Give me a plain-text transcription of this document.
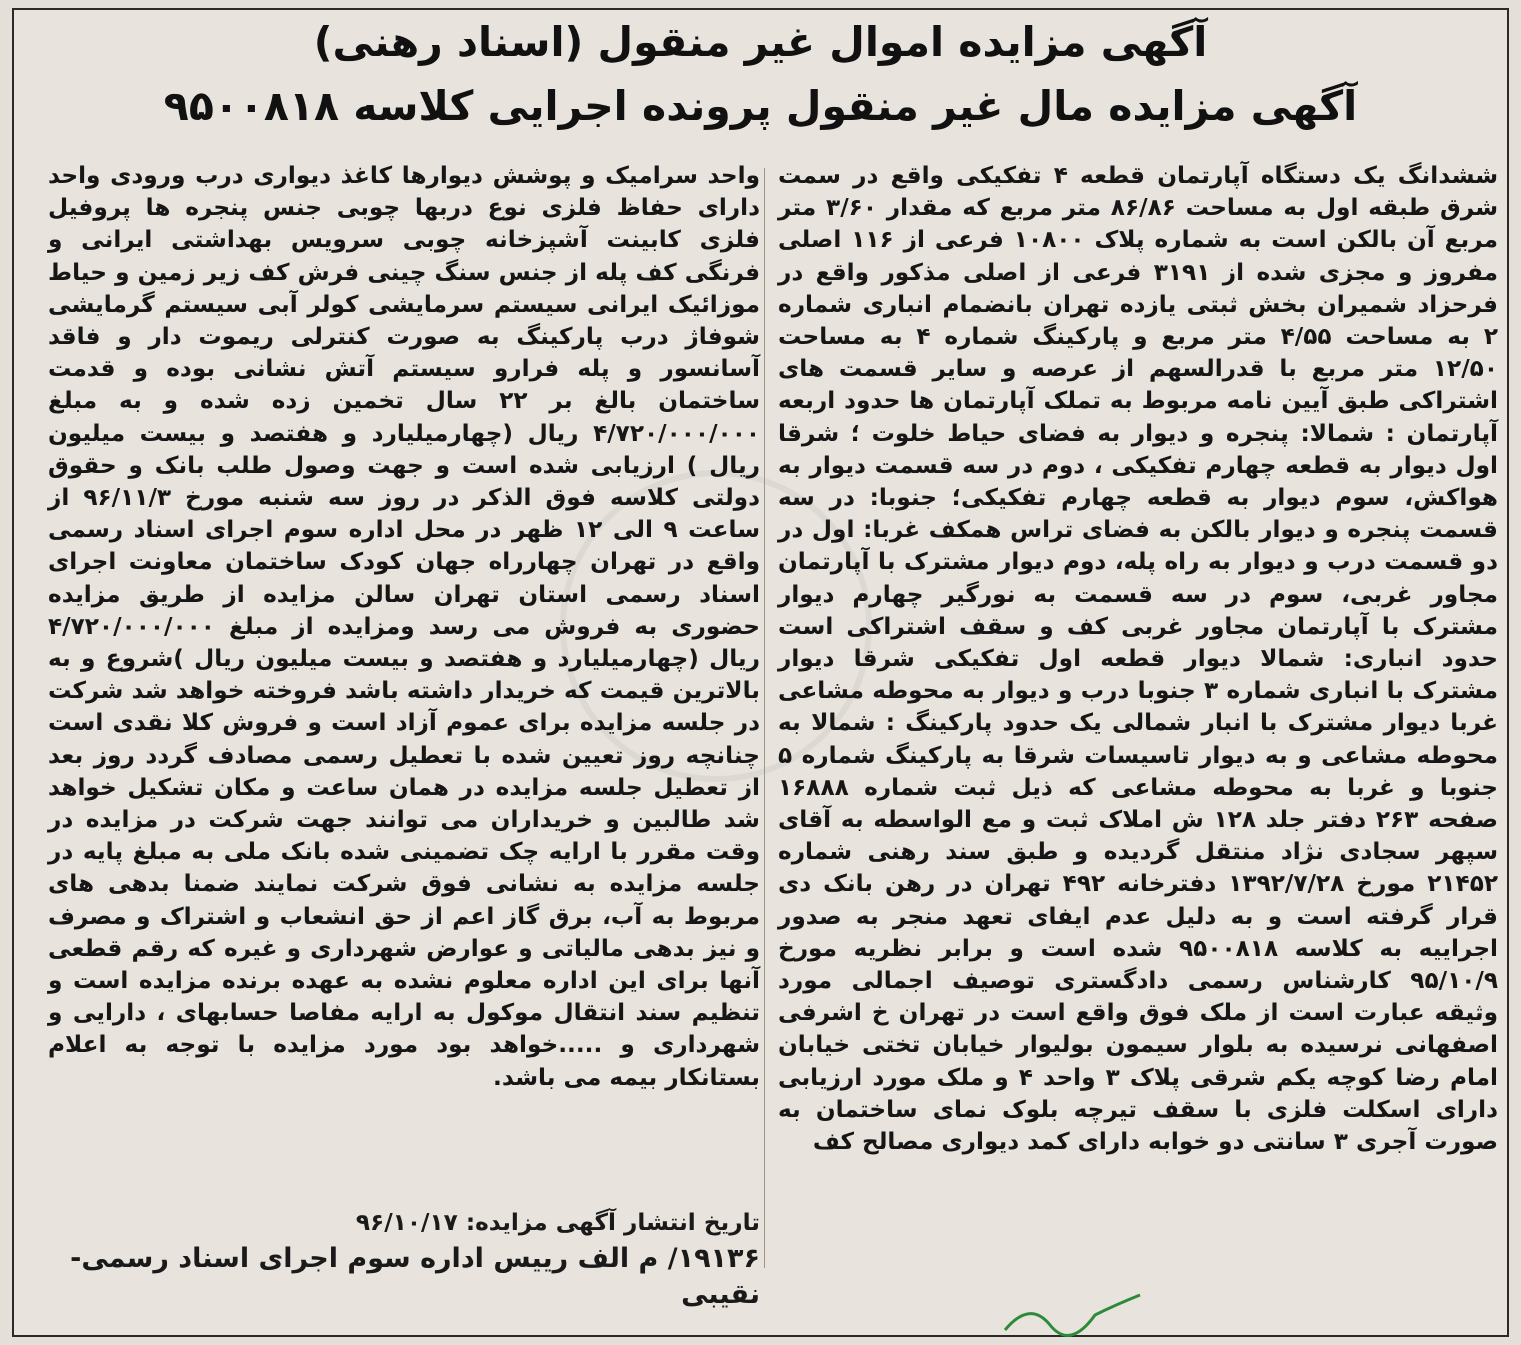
آگهی مزایده اموال غیر منقول (اسناد رهنی)
آگهی مزایده مال غیر منقول پرونده اجرایی کلاسه ۹۵۰۰۸۱۸
ششدانگ یک دستگاه آپارتمان قطعه ۴ تفکیکی واقع در سمت شرق طبقه اول به مساحت ۸۶/۸۶ متر مربع که مقدار ۳/۶۰ متر مربع آن بالکن است به شماره پلاک ۱۰۸۰۰ فرعی از ۱۱۶ اصلی مفروز و مجزی شده از ۳۱۹۱ فرعی از اصلی مذکور واقع در فرحزاد شمیران بخش ثبتی یازده تهران بانضمام انباری شماره ۲ به مساحت ۴/۵۵ متر مربع و پارکینگ شماره ۴ به مساحت ۱۲/۵۰ متر مربع با قدرالسهم از عرصه و سایر قسمت های اشتراکی طبق آیین نامه مربوط به تملک آپارتمان ها حدود اربعه آپارتمان : شمالا: پنجره و دیوار به فضای حیاط خلوت ؛ شرقا اول دیوار به قطعه چهارم تفکیکی ، دوم در سه قسمت دیوار به هواکش، سوم دیوار به قطعه چهارم تفکیکی؛ جنوبا: در سه قسمت پنجره و دیوار بالکن به فضای تراس همکف غربا: اول در دو قسمت درب و دیوار به راه پله، دوم دیوار مشترک با آپارتمان مجاور غربی، سوم در سه قسمت به نورگیر چهارم دیوار مشترک با آپارتمان مجاور غربی کف و سقف اشتراکی است حدود انباری: شمالا دیوار قطعه اول تفکیکی شرقا دیوار مشترک با انباری شماره ۳ جنوبا درب و دیوار به محوطه مشاعی غربا دیوار مشترک با انبار شمالی یک حدود پارکینگ : شمالا به محوطه مشاعی و به دیوار تاسیسات شرقا به پارکینگ شماره ۵ جنوبا و غربا به محوطه مشاعی که ذیل ثبت شماره ۱۶۸۸۸ صفحه ۲۶۳ دفتر جلد ۱۲۸ ش املاک ثبت و مع الواسطه به آقای سپهر سجادی نژاد منتقل گردیده و طبق سند رهنی شماره ۲۱۴۵۲ مورخ ۱۳۹۲/۷/۲۸ دفترخانه ۴۹۲ تهران در رهن بانک دی قرار گرفته است و به دلیل عدم ایفای تعهد منجر به صدور اجراییه به کلاسه ۹۵۰۰۸۱۸ شده است و برابر نظریه مورخ ۹۵/۱۰/۹ کارشناس رسمی دادگستری توصیف اجمالی مورد وثیقه عبارت است از ملک فوق واقع است در تهران خ اشرفی اصفهانی نرسیده به بلوار سیمون بولیوار خیابان تختی خیابان امام رضا کوچه یکم شرقی پلاک ۳ واحد ۴ و ملک مورد ارزیابی دارای اسکلت فلزی با سقف تیرچه بلوک نمای ساختمان به صورت آجری ۳ سانتی دو خوابه دارای کمد دیواری مصالح کف
واحد سرامیک و پوشش دیوارها کاغذ دیواری درب ورودی واحد دارای حفاظ فلزی نوع دربها چوبی جنس پنجره ها پروفیل فلزی کابینت آشپزخانه چوبی سرویس بهداشتی ایرانی و فرنگی کف پله از جنس سنگ چینی فرش کف زیر زمین و حیاط موزائیک ایرانی سیستم سرمایشی کولر آبی سیستم گرمایشی شوفاژ درب پارکینگ به صورت کنترلی ریموت دار و فاقد آسانسور و پله فرارو سیستم آتش نشانی بوده و قدمت ساختمان بالغ بر ۲۲ سال تخمین زده شده و به مبلغ ۴/۷۲۰/۰۰۰/۰۰۰ ریال (چهارمیلیارد و هفتصد و بیست میلیون ریال ) ارزیابی شده است و جهت وصول طلب بانک و حقوق دولتی کلاسه فوق الذکر در روز سه شنبه مورخ ۹۶/۱۱/۳ از ساعت ۹ الی ۱۲ ظهر در محل اداره سوم اجرای اسناد رسمی واقع در تهران چهارراه جهان کودک ساختمان معاونت اجرای اسناد رسمی استان تهران سالن مزایده از طریق مزایده حضوری به فروش می رسد ومزایده از مبلغ ۴/۷۲۰/۰۰۰/۰۰۰ ریال (چهارمیلیارد و هفتصد و بیست میلیون ریال )شروع و به بالاترین قیمت که خریدار داشته باشد فروخته خواهد شد شرکت در جلسه مزایده برای عموم آزاد است و فروش کلا نقدی است چنانچه روز تعیین شده با تعطیل رسمی مصادف گردد روز بعد از تعطیل جلسه مزایده در همان ساعت و مکان تشکیل خواهد شد طالبین و خریداران می توانند جهت شرکت در مزایده در وقت مقرر با ارایه چک تضمینی شده بانک ملی به مبلغ پایه در جلسه مزایده به نشانی فوق شرکت نمایند ضمنا بدهی های مربوط به آب، برق گاز اعم از حق انشعاب و اشتراک و مصرف و نیز بدهی مالیاتی و عوارض شهرداری و غیره که رقم قطعی آنها برای این اداره معلوم نشده به عهده برنده مزایده است و تنظیم سند انتقال موکول به ارایه مفاصا حسابهای ، دارایی و شهرداری و .....خواهد بود مورد مزایده با توجه به اعلام بستانکار بیمه می باشد.
تاریخ انتشار آگهی مزایده: ۹۶/۱۰/۱۷
۱۹۱۳۶/ م الف رییس اداره سوم اجرای اسناد رسمی- نقیبی
